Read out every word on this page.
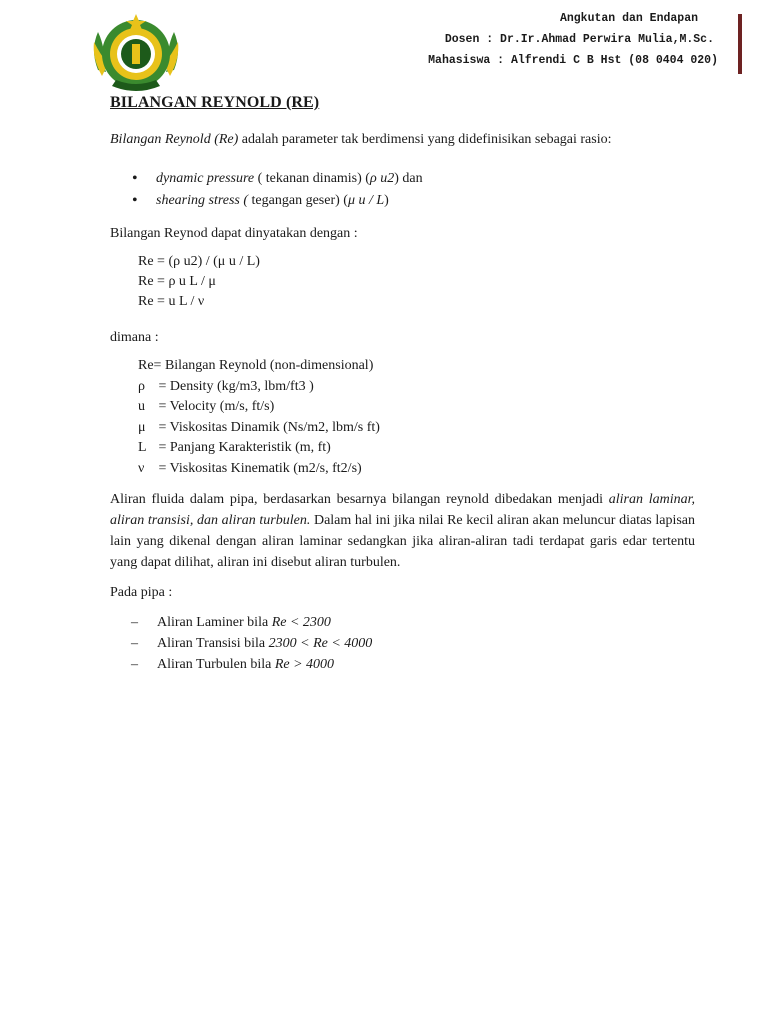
Angkutan dan Endapan
Dosen : Dr.Ir.Ahmad Perwira Mulia,M.Sc.
Mahasiswa : Alfrendi C B Hst (08 0404 020)
BILANGAN REYNOLD (RE)
Bilangan Reynold (Re) adalah parameter tak berdimensi yang didefinisikan sebagai rasio:
• dynamic pressure ( tekanan dinamis) (ρ u2) dan
• shearing stress ( tegangan geser) (μ u / L)
Bilangan Reynod dapat dinyatakan dengan :
Re = (ρ u2) / (μ u / L)
Re = ρ u L / μ
Re = u L / ν
dimana :
Re= Bilangan Reynold (non-dimensional)
ρ = Density (kg/m3, lbm/ft3 )
u = Velocity (m/s, ft/s)
μ = Viskositas Dinamik (Ns/m2, lbm/s ft)
L = Panjang Karakteristik (m, ft)
ν = Viskositas Kinematik (m2/s, ft2/s)
Aliran fluida dalam pipa, berdasarkan besarnya bilangan reynold dibedakan menjadi aliran laminar, aliran transisi, dan aliran turbulen. Dalam hal ini jika nilai Re kecil aliran akan meluncur diatas lapisan lain yang dikenal dengan aliran laminar sedangkan jika aliran-aliran tadi terdapat garis edar tertentu yang dapat dilihat, aliran ini disebut aliran turbulen.
Pada pipa :
– Aliran Laminer bila Re < 2300
– Aliran Transisi bila 2300 < Re < 4000
– Aliran Turbulen bila Re > 4000
